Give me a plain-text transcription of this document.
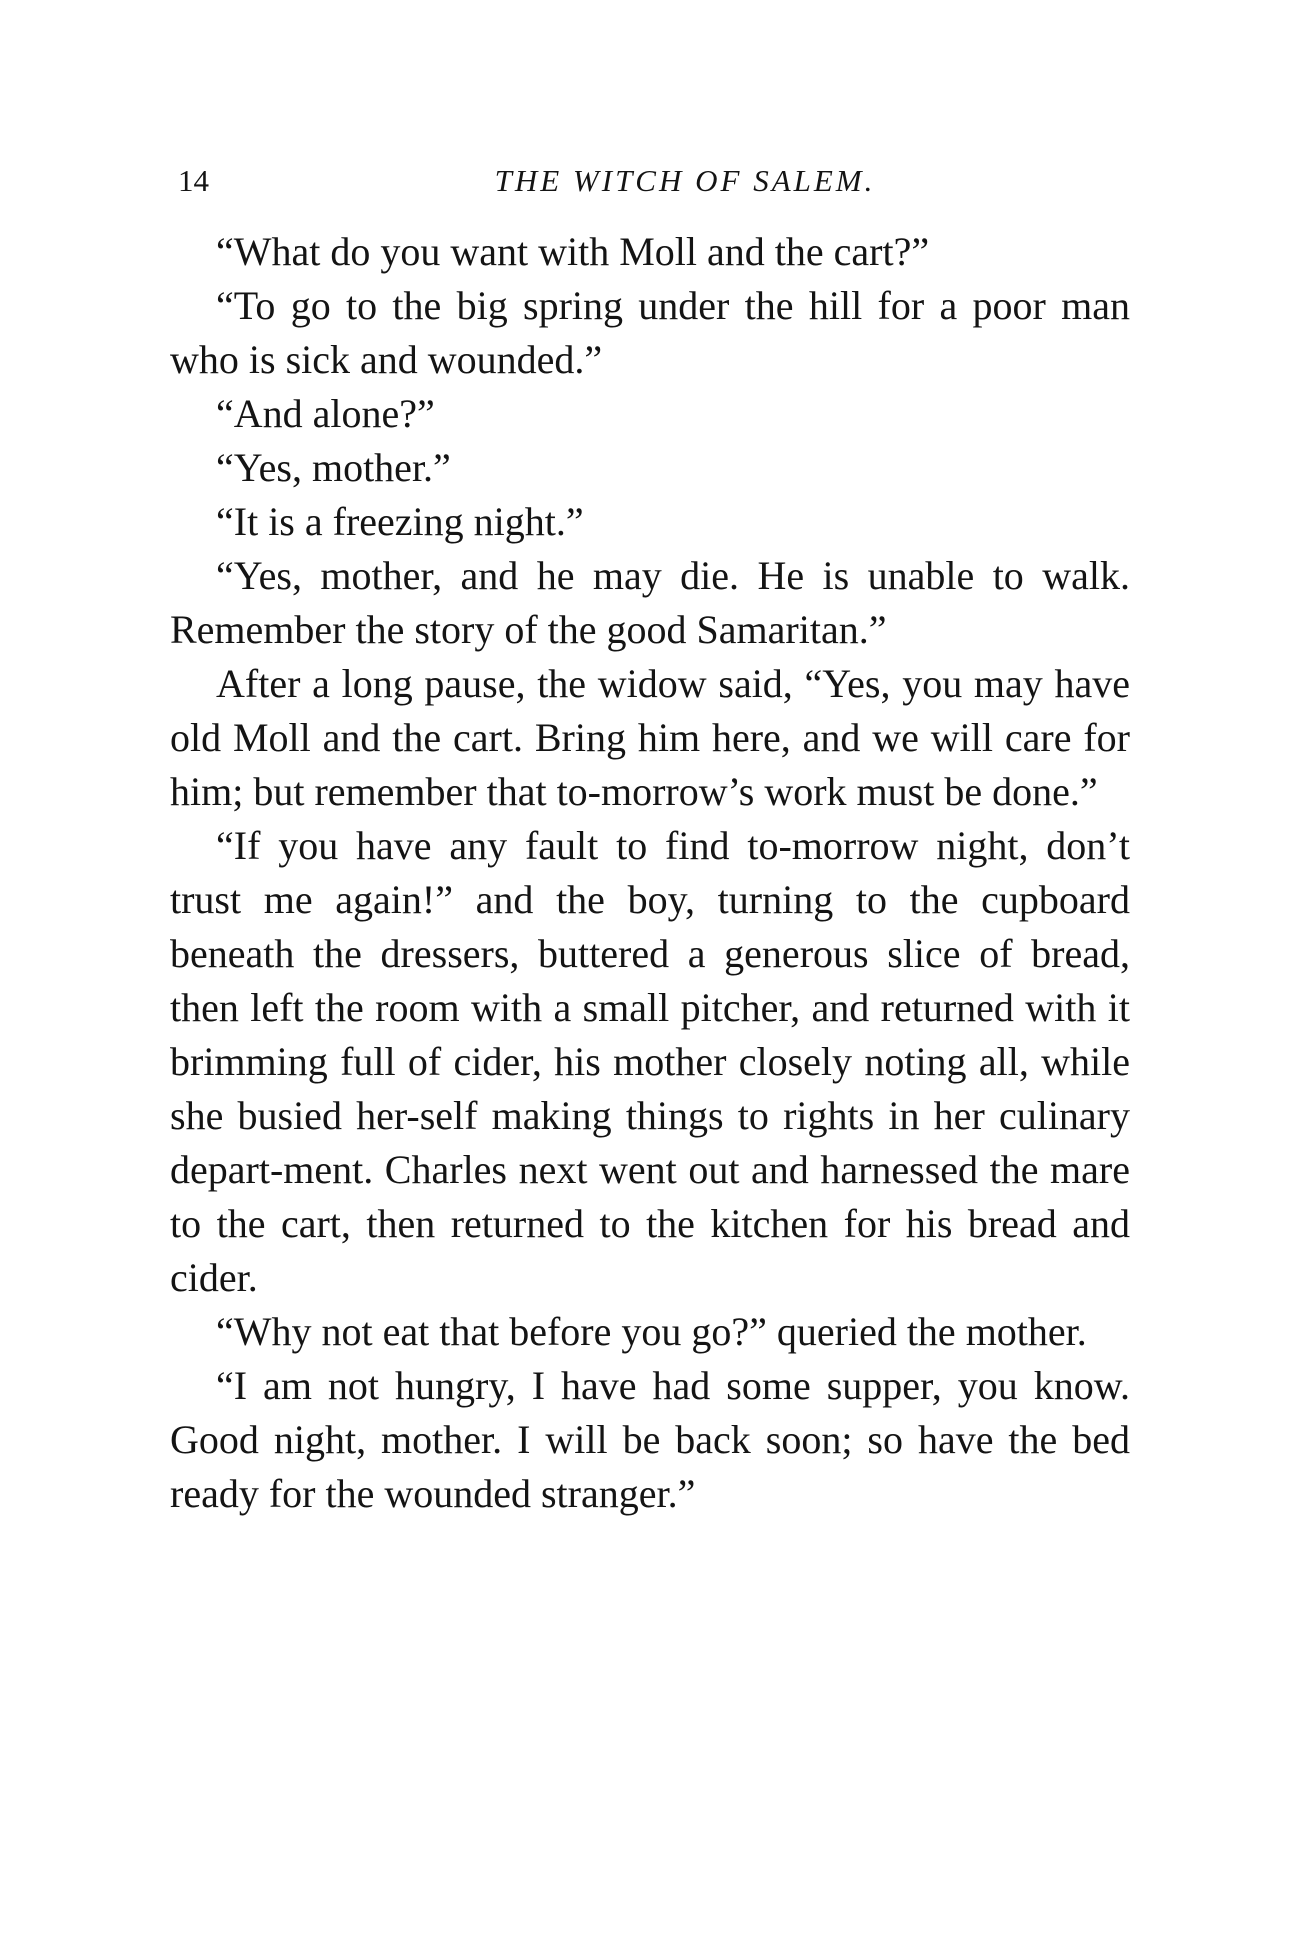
14	THE WITCH OF SALEM.

“What do you want with Moll and the cart?”

“To go to the big spring under the hill for a poor man who is sick and wounded.”

“And alone?”

“Yes, mother.”

“It is a freezing night.”

“Yes, mother, and he may die. He is unable to walk. Remember the story of the good Samaritan.”

After a long pause, the widow said, “Yes, you may have old Moll and the cart. Bring him here, and we will care for him; but remember that to-morrow’s work must be done.”

“If you have any fault to find to-morrow night, don’t trust me again!” and the boy, turning to the cupboard beneath the dressers, buttered a generous slice of bread, then left the room with a small pitcher, and returned with it brimming full of cider, his mother closely noting all, while she busied her-self making things to rights in her culinary depart-ment. Charles next went out and harnessed the mare to the cart, then returned to the kitchen for his bread and cider.

“Why not eat that before you go?” queried the mother.

“I am not hungry, I have had some supper, you know. Good night, mother. I will be back soon; so have the bed ready for the wounded stranger.”
